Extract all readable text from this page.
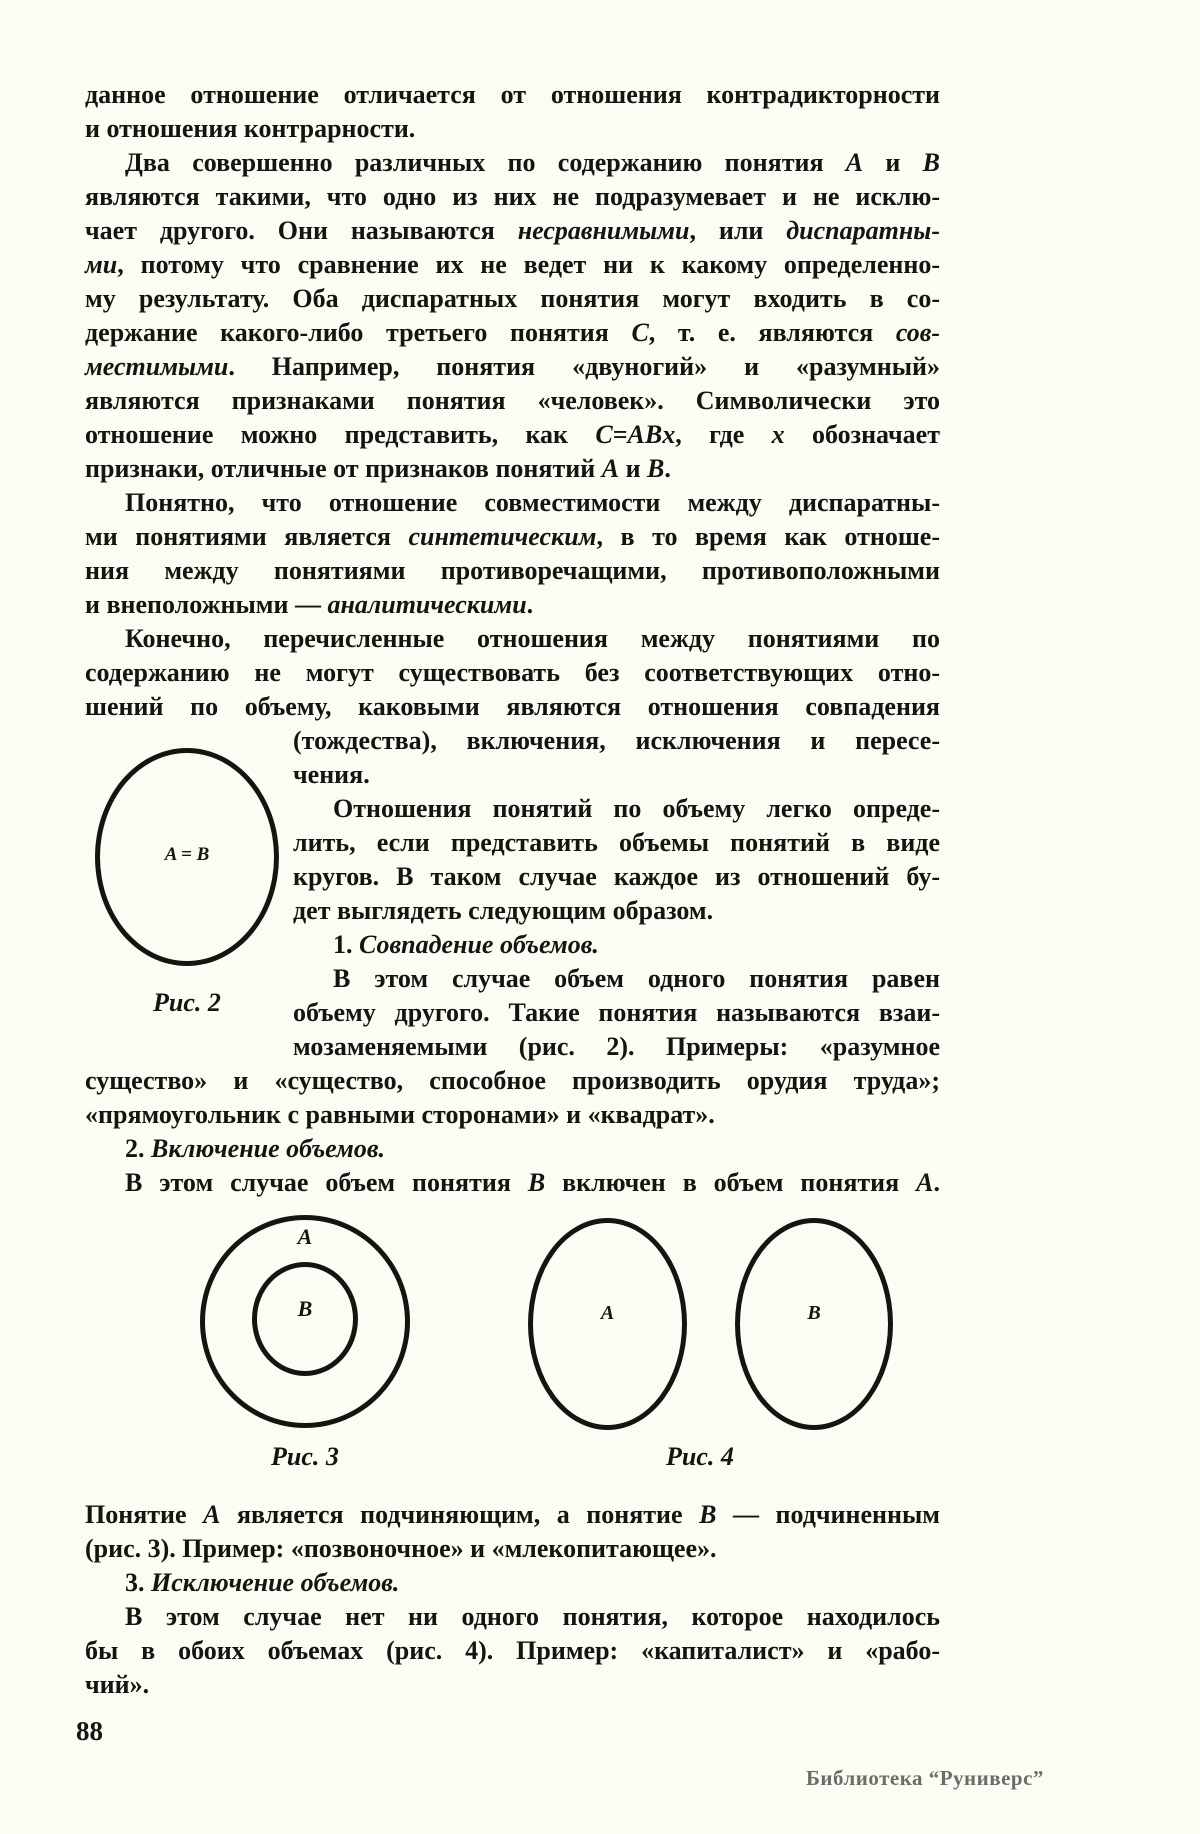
данное отношение отличается от отношения контрадикторности
и отношения контрарности.
Два совершенно различных по содержанию понятия A и B
являются такими, что одно из них не подразумевает и не исклю-
чает другого. Они называются несравнимыми, или диспаратны-
ми, потому что сравнение их не ведет ни к какому определенно-
му результату. Оба диспаратных понятия могут входить в со-
держание какого-либо третьего понятия C, т. е. являются сов-
местимыми. Например, понятия «двуногий» и «разумный»
являются признаками понятия «человек». Символически это
отношение можно представить, как C=ABx, где x обозначает
признаки, отличные от признаков понятий A и B.
Понятно, что отношение совместимости между диспаратны-
ми понятиями является синтетическим, в то время как отноше-
ния между понятиями противоречащими, противоположными
и внеположными — аналитическими.
Конечно, перечисленные отношения между понятиями по
содержанию не могут существовать без соответствующих отно-
шений по объему, каковыми являются отношения совпадения
(тождества), включения, исключения и пересе-
чения.
Отношения понятий по объему легко опреде-
лить, если представить объемы понятий в виде
кругов. В таком случае каждое из отношений бу-
дет выглядеть следующим образом.
1. Совпадение объемов.
В этом случае объем одного понятия равен
объему другого. Такие понятия называются взаи-
мозаменяемыми (рис. 2). Примеры: «разумное
существо» и «существо, способное производить орудия труда»;
«прямоугольник с равными сторонами» и «квадрат».
2. Включение объемов.
В этом случае объем понятия B включен в объем понятия A.
A = B
Рис. 2
A
B
Рис. 3
A	B
Рис. 4
Понятие A является подчиняющим, а понятие B — подчиненным
(рис. 3). Пример: «позвоночное» и «млекопитающее».
3. Исключение объемов.
В этом случае нет ни одного понятия, которое находилось
бы в обоих объемах (рис. 4). Пример: «капиталист» и «рабо-
чий».
88
Библиотека “Руниверс”
